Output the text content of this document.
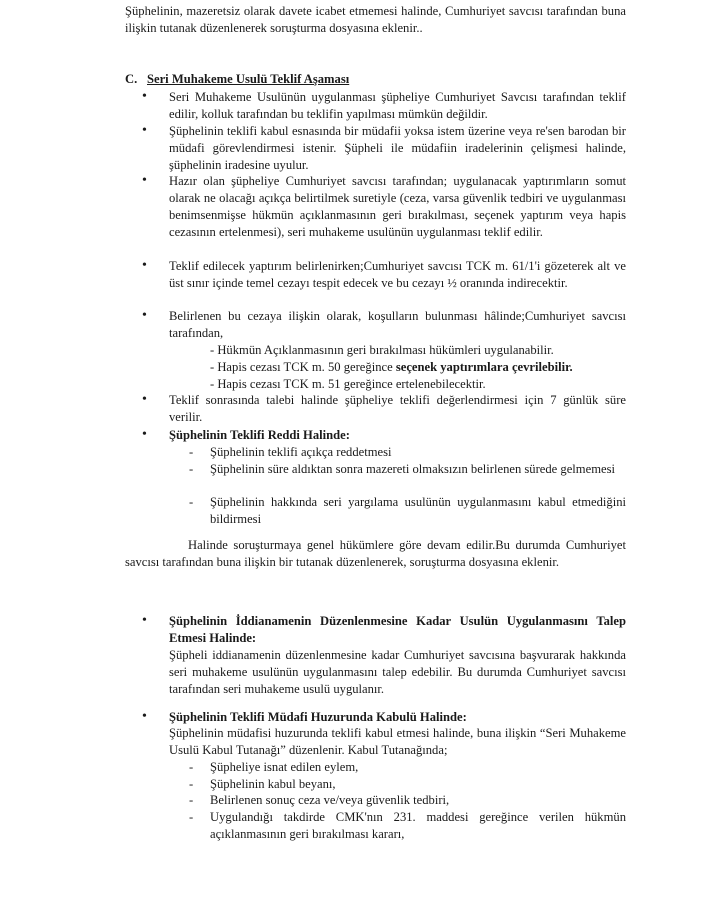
Şüphelinin, mazeretsiz olarak davete icabet etmemesi halinde, Cumhuriyet savcısı tarafından buna ilişkin tutanak düzenlenerek soruşturma dosyasına eklenir..
C. Seri Muhakeme Usulü Teklif Aşaması
•	Seri Muhakeme Usulünün uygulanması şüpheliye Cumhuriyet Savcısı tarafından teklif edilir, kolluk tarafından bu teklifin yapılması mümkün değildir.
•	Şüphelinin teklifi kabul esnasında bir müdafii yoksa istem üzerine veya re'sen barodan bir müdafi görevlendirmesi istenir. Şüpheli ile müdafiin iradelerinin çelişmesi halinde, şüphelinin iradesine uyulur.
•	Hazır olan şüpheliye Cumhuriyet savcısı tarafından; uygulanacak yaptırımların somut olarak ne olacağı açıkça belirtilmek suretiyle (ceza, varsa güvenlik tedbiri ve uygulanması benimsenmişse hükmün açıklanmasının geri bırakılması, seçenek yaptırım veya hapis cezasının ertelenmesi), seri muhakeme usulünün uygulanması teklif edilir.
•	Teklif edilecek yaptırım belirlenirken;Cumhuriyet savcısı TCK m. 61/1'i gözeterek alt ve üst sınır içinde temel cezayı tespit edecek ve bu cezayı ½ oranında indirecektir.
•	Belirlenen bu cezaya ilişkin olarak, koşulların bulunması hâlinde;Cumhuriyet savcısı tarafından,
- Hükmün Açıklanmasının geri bırakılması hükümleri uygulanabilir.
- Hapis cezası TCK m. 50 gereğince seçenek yaptırımlara çevrilebilir.
- Hapis cezası TCK m. 51 gereğince ertelenebilecektir.
•	Teklif sonrasında talebi halinde şüpheliye teklifi değerlendirmesi için 7 günlük süre verilir.
•	Şüphelinin Teklifi Reddi Halinde:
-	Şüphelinin teklifi açıkça reddetmesi
-	Şüphelinin süre aldıktan sonra mazereti olmaksızın belirlenen sürede gelmemesi
-	Şüphelinin hakkında seri yargılama usulünün uygulanmasını kabul etmediğini bildirmesi
Halinde soruşturmaya genel hükümlere göre devam edilir.Bu durumda Cumhuriyet savcısı tarafından buna ilişkin bir tutanak düzenlenerek, soruşturma dosyasına eklenir.
•	Şüphelinin İddianamenin Düzenlenmesine Kadar Usulün Uygulanmasını Talep Etmesi Halinde:
Şüpheli iddianamenin düzenlenmesine kadar Cumhuriyet savcısına başvurarak hakkında seri muhakeme usulünün uygulanmasını talep edebilir. Bu durumda Cumhuriyet savcısı tarafından seri muhakeme usulü uygulanır.
•	Şüphelinin Teklifi Müdafi Huzurunda Kabulü Halinde:
Şüphelinin müdafisi huzurunda teklifi kabul etmesi halinde, buna ilişkin “Seri Muhakeme Usulü Kabul Tutanağı” düzenlenir. Kabul Tutanağında;
-	Şüpheliye isnat edilen eylem,
-	Şüphelinin kabul beyanı,
-	Belirlenen sonuç ceza ve/veya güvenlik tedbiri,
-	Uygulandığı takdirde CMK'nın 231. maddesi gereğince verilen hükmün açıklanmasının geri bırakılması kararı,
